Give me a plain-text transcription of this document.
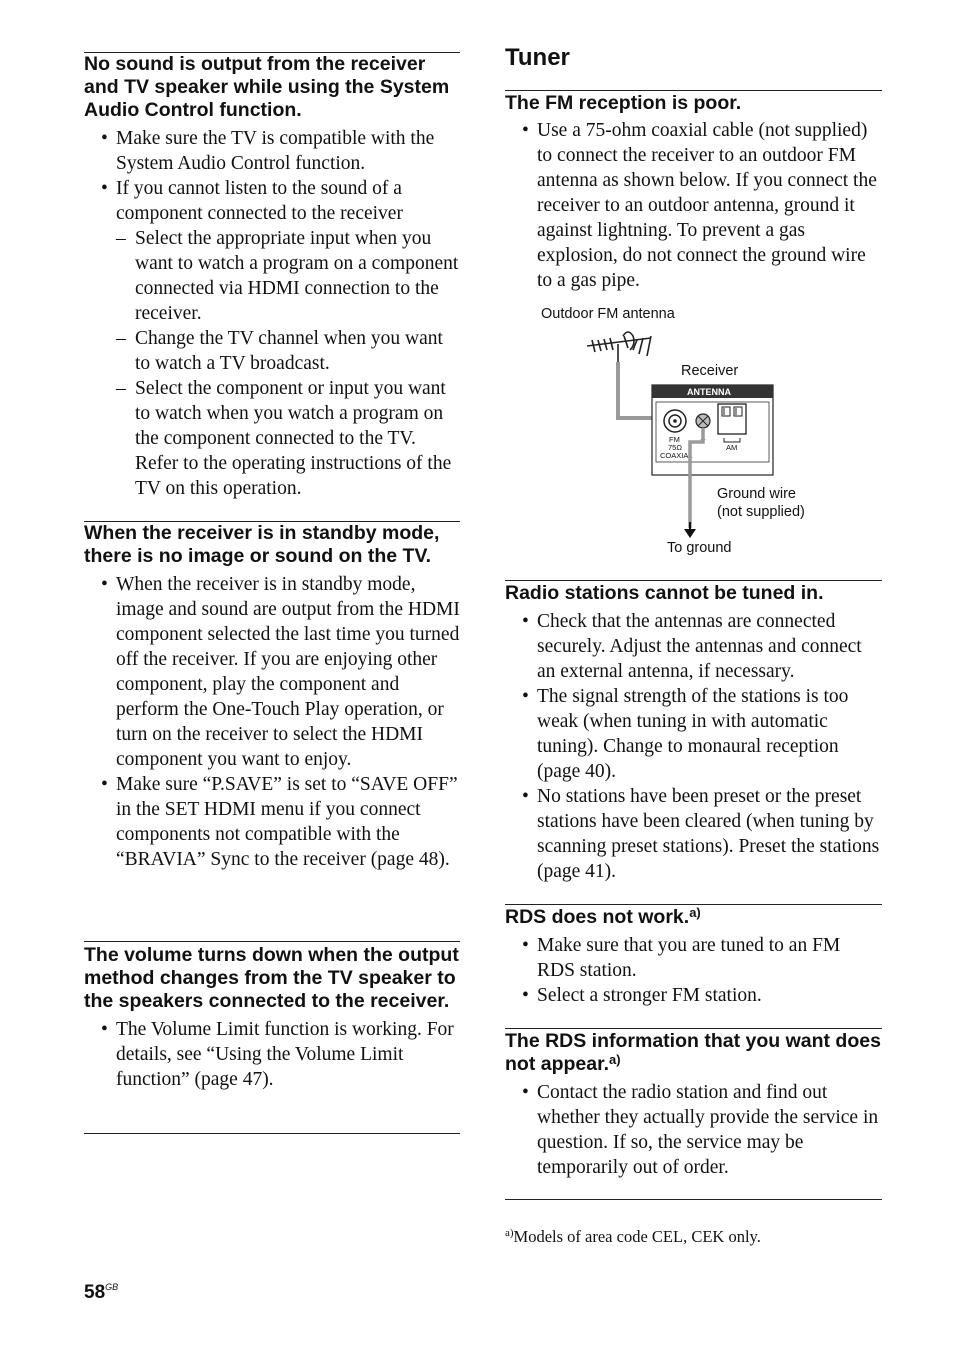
No sound is output from the receiver and TV speaker while using the System Audio Control function.
• Make sure the TV is compatible with the System Audio Control function.
• If you cannot listen to the sound of a component connected to the receiver
– Select the appropriate input when you want to watch a program on a component connected via HDMI connection to the receiver.
– Change the TV channel when you want to watch a TV broadcast.
– Select the component or input you want to watch when you watch a program on the component connected to the TV. Refer to the operating instructions of the TV on this operation.
When the receiver is in standby mode, there is no image or sound on the TV.
• When the receiver is in standby mode, image and sound are output from the HDMI component selected the last time you turned off the receiver. If you are enjoying other component, play the component and perform the One-Touch Play operation, or turn on the receiver to select the HDMI component you want to enjoy.
• Make sure “P.SAVE” is set to “SAVE OFF” in the SET HDMI menu if you connect components not compatible with the “BRAVIA” Sync to the receiver (page 48).
The volume turns down when the output method changes from the TV speaker to the speakers connected to the receiver.
• The Volume Limit function is working. For details, see “Using the Volume Limit function” (page 47).
Tuner
The FM reception is poor.
• Use a 75-ohm coaxial cable (not supplied) to connect the receiver to an outdoor FM antenna as shown below. If you connect the receiver to an outdoor antenna, ground it against lightning. To prevent a gas explosion, do not connect the ground wire to a gas pipe.
Outdoor FM antenna
Receiver
ANTENNA
FM
75Ω
COAXIAL
⏚
AM
Ground wire
(not supplied)
To ground
Radio stations cannot be tuned in.
• Check that the antennas are connected securely. Adjust the antennas and connect an external antenna, if necessary.
• The signal strength of the stations is too weak (when tuning in with automatic tuning). Change to monaural reception (page 40).
• No stations have been preset or the preset stations have been cleared (when tuning by scanning preset stations). Preset the stations (page 41).
RDS does not work.$^{a)}$
• Make sure that you are tuned to an FM RDS station.
• Select a stronger FM station.
The RDS information that you want does not appear.$^{a)}$
• Contact the radio station and find out whether they actually provide the service in question. If so, the service may be temporarily out of order.
$^{a)}$Models of area code CEL, CEK only.
$58^{GB}$
